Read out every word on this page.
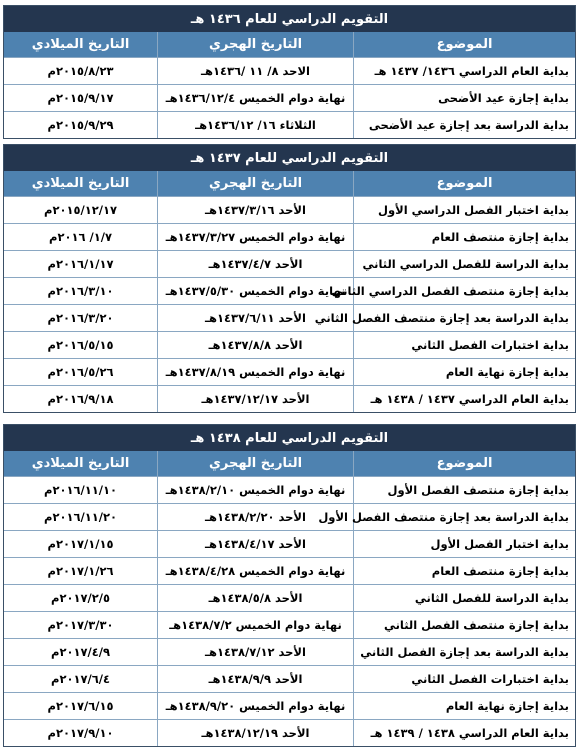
التقويم الدراسي للعام ١٤٣٦ هـ
الموضوع
التاريخ الهجري
التاريخ الميلادي
بداية العام الدراسي ١٤٣٦/ ١٤٣٧ هـ
الاحد ٨/ ١١ /١٤٣٦هـ
٢٠١٥/٨/٢٣م
بداية إجازة عيد الأضحى
نهاية دوام الخميس ١٤٣٦/١٢/٤هـ
٢٠١٥/٩/١٧م
بداية الدراسة بعد إجازة عيد الأضحى
الثلاثاء ١٦/ ١٤٣٦/١٢هـ
٢٠١٥/٩/٢٩م
التقويم الدراسي للعام ١٤٣٧ هـ
الموضوع
التاريخ الهجري
التاريخ الميلادي
بداية اختبار الفصل الدراسي الأول
الأحد ١٤٣٧/٣/١٦هـ
٢٠١٥/١٢/١٧م
بداية إجازة منتصف العام
نهاية دوام الخميس ١٤٣٧/٣/٢٧هـ
١/٧/ ٢٠١٦م
بداية الدراسة للفصل الدراسي الثاني
الأحد ١٤٣٧/٤/٧هـ
٢٠١٦/١/١٧م
بداية إجازة منتصف الفصل الدراسي الثاني
نهاية دوام الخميس ١٤٣٧/٥/٣٠هـ
٢٠١٦/٣/١٠م
بداية الدراسة بعد إجازة منتصف الفصل الثاني
الأحد ١٤٣٧/٦/١١هـ
٢٠١٦/٣/٢٠م
بداية اختبارات الفصل الثاني
الأحد ١٤٣٧/٨/٨هـ
٢٠١٦/٥/١٥م
بداية إجازة نهاية العام
نهاية دوام الخميس ١٤٣٧/٨/١٩هـ
٢٠١٦/٥/٢٦م
بداية العام الدراسي ١٤٣٧ / ١٤٣٨ هـ
الأحد ١٤٣٧/١٢/١٧هـ
٢٠١٦/٩/١٨م
التقويم الدراسي للعام ١٤٣٨ هـ
الموضوع
التاريخ الهجري
التاريخ الميلادي
بداية إجازة منتصف الفصل الأول
نهاية دوام الخميس ١٤٣٨/٢/١٠هـ
٢٠١٦/١١/١٠م
بداية الدراسة بعد إجازة منتصف الفصل الأول
الأحد ١٤٣٨/٢/٢٠هـ
٢٠١٦/١١/٢٠م
بداية اختبار الفصل الأول
الأحد ١٤٣٨/٤/١٧هـ
٢٠١٧/١/١٥م
بداية إجازة منتصف العام
نهاية دوام الخميس ١٤٣٨/٤/٢٨هـ
٢٠١٧/١/٢٦م
بداية الدراسة للفصل الثاني
الأحد ١٤٣٨/٥/٨هـ
٢٠١٧/٢/٥م
بداية إجازة منتصف الفصل الثاني
نهاية دوام الخميس ١٤٣٨/٧/٢هـ
٢٠١٧/٣/٣٠م
بداية الدراسة بعد إجازة الفصل الثاني
الأحد ١٤٣٨/٧/١٢هـ
٢٠١٧/٤/٩م
بداية اختبارات الفصل الثاني
الأحد ١٤٣٨/٩/٩هـ
٢٠١٧/٦/٤م
بداية إجازة نهاية العام
نهاية دوام الخميس ١٤٣٨/٩/٢٠هـ
٢٠١٧/٦/١٥م
بداية العام الدراسي ١٤٣٨ / ١٤٣٩ هـ
الأحد ١٤٣٨/١٢/١٩هـ
٢٠١٧/٩/١٠م
